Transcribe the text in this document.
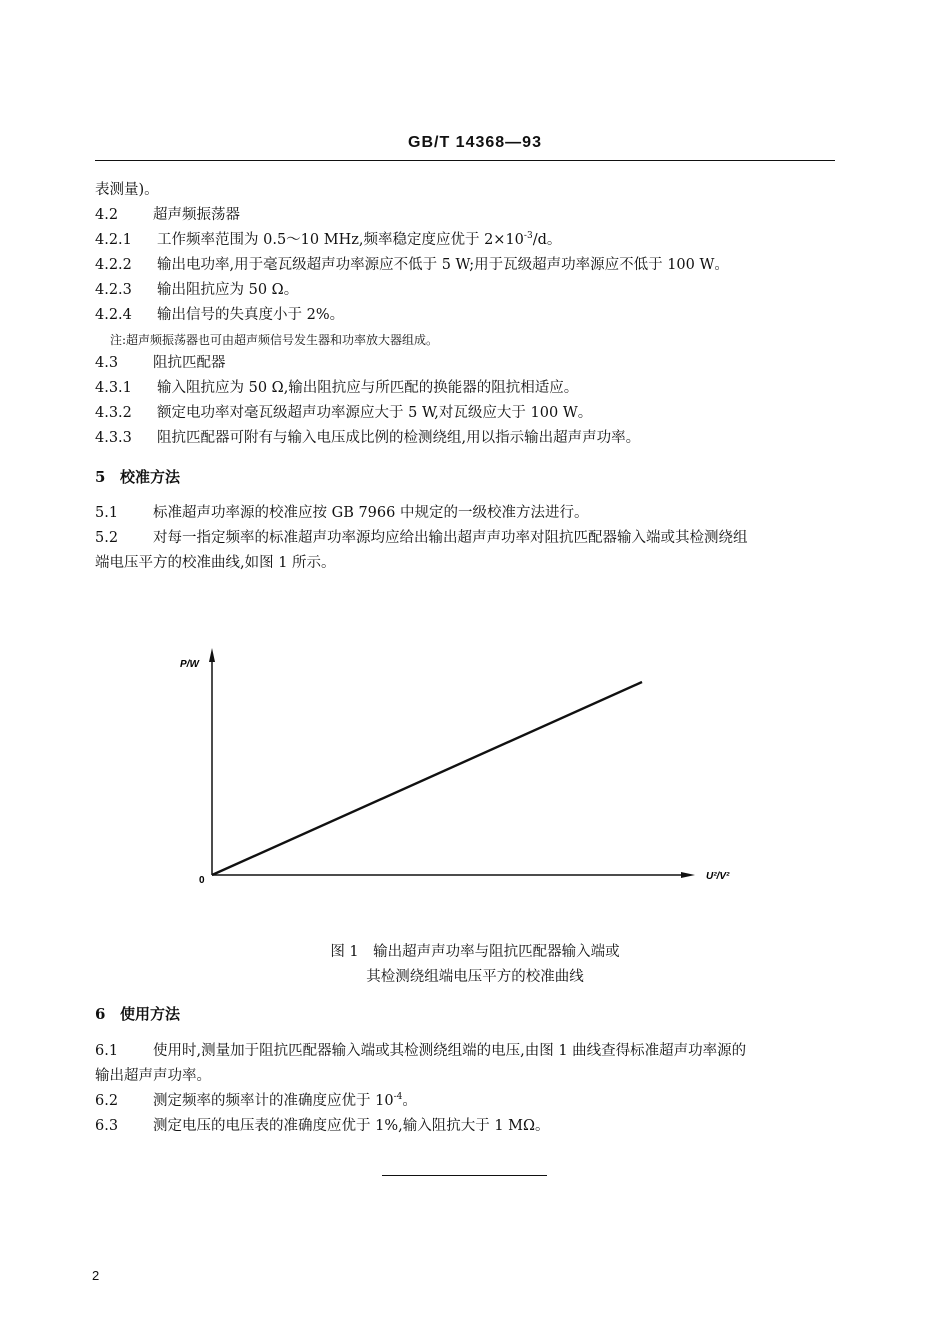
GB/T 14368—93
表测量)。
4.2 超声频振荡器
4.2.1 工作频率范围为 0.5～10 MHz,频率稳定度应优于 $2\times 10^{-3}/d$。
4.2.2 输出电功率,用于毫瓦级超声功率源应不低于 5 W;用于瓦级超声功率源应不低于 100 W。
4.2.3 输出阻抗应为 50 Ω。
4.2.4 输出信号的失真度小于 2%。
注:超声频振荡器也可由超声频信号发生器和功率放大器组成。
4.3 阻抗匹配器
4.3.1 输入阻抗应为 50 Ω,输出阻抗应与所匹配的换能器的阻抗相适应。
4.3.2 额定电功率对毫瓦级超声功率源应大于 5 W,对瓦级应大于 100 W。
4.3.3 阻抗匹配器可附有与输入电压成比例的检测绕组,用以指示输出超声声功率。
5 校准方法
5.1 标准超声功率源的校准应按 GB 7966 中规定的一级校准方法进行。
5.2 对每一指定频率的标准超声功率源均应给出输出超声声功率对阻抗匹配器输入端或其检测绕组
端电压平方的校准曲线,如图 1 所示。
P/W
U²/V²
0
图 1　输出超声声功率与阻抗匹配器输入端或
其检测绕组端电压平方的校准曲线
6 使用方法
6.1 使用时,测量加于阻抗匹配器输入端或其检测绕组端的电压,由图 1 曲线查得标准超声功率源的
输出超声声功率。
6.2 测定频率的频率计的准确度应优于 $10^{-4}$。
6.3 测定电压的电压表的准确度应优于 1%,输入阻抗大于 1 MΩ。
2
